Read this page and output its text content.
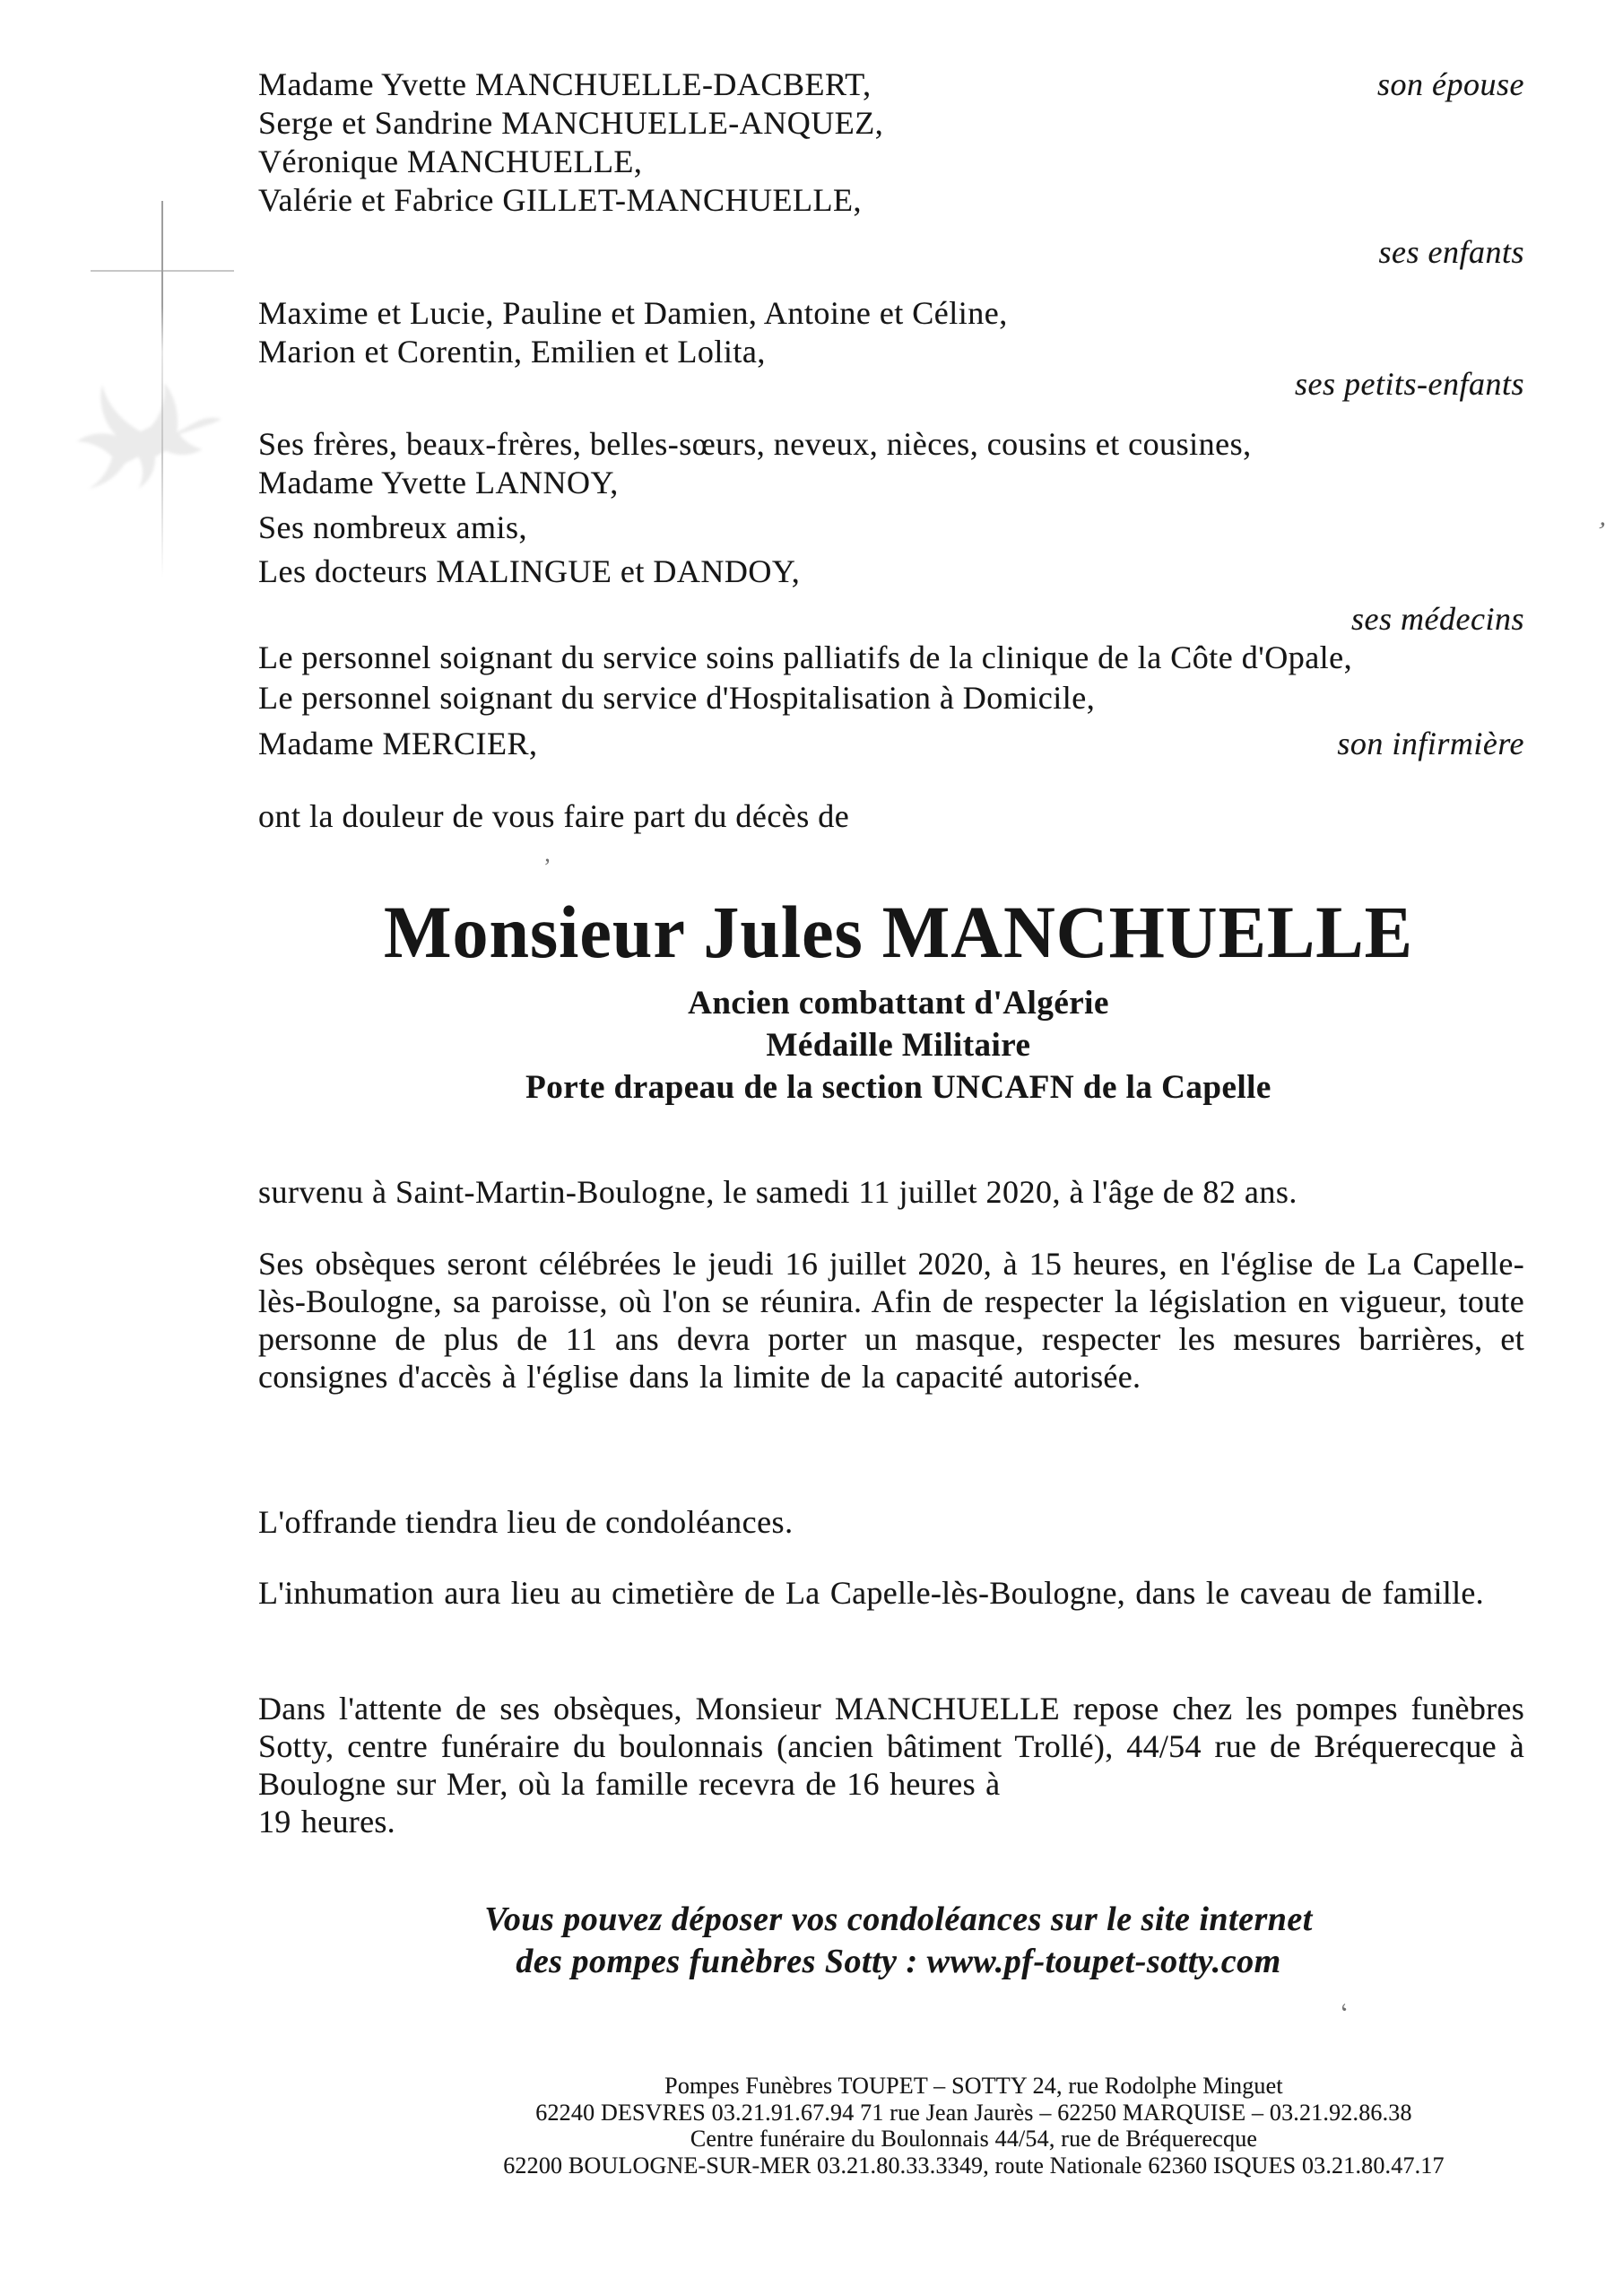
’
’
‘
Madame Yvette MANCHUELLE-DACBERT,	son épouse
Serge et Sandrine MANCHUELLE-ANQUEZ,
Véronique MANCHUELLE,
Valérie et Fabrice GILLET-MANCHUELLE,
ses enfants
Maxime et Lucie, Pauline et Damien, Antoine et Céline,
Marion et Corentin, Emilien et Lolita,
ses petits-enfants
Ses frères, beaux-frères, belles-sœurs, neveux, nièces, cousins et cousines,
Madame Yvette LANNOY,
Ses nombreux amis,
Les docteurs MALINGUE et DANDOY,
ses médecins
Le personnel soignant du service soins palliatifs de la clinique de la Côte d'Opale,
Le personnel soignant du service d'Hospitalisation à Domicile,
Madame MERCIER,	son infirmière
ont la douleur de vous faire part du décès de
Monsieur Jules MANCHUELLE
Ancien combattant d'Algérie
Médaille Militaire
Porte drapeau de la section UNCAFN de la Capelle
survenu à Saint-Martin-Boulogne, le samedi 11 juillet 2020, à l'âge de 82 ans.
Ses obsèques seront célébrées le jeudi 16 juillet 2020, à 15 heures, en l'église de La Capelle-lès-Boulogne, sa paroisse, où l'on se réunira. Afin de respecter la législation en vigueur, toute personne de plus de 11 ans devra porter un masque, respecter les mesures barrières, et consignes d'accès à l'église dans la limite de la capacité autorisée.
L'offrande tiendra lieu de condoléances.
L'inhumation aura lieu au cimetière de La Capelle-lès-Boulogne, dans le caveau de famille.
Dans l'attente de ses obsèques, Monsieur MANCHUELLE repose chez les pompes funèbres Sotty, centre funéraire du boulonnais (ancien bâtiment Trollé), 44/54 rue de Bréquerecque à Boulogne sur Mer, où la famille recevra de 16 heures à
19 heures.
Vous pouvez déposer vos condoléances sur le site internet
des pompes funèbres Sotty : www.pf-toupet-sotty.com
Pompes Funèbres TOUPET – SOTTY 24, rue Rodolphe Minguet
62240 DESVRES 03.21.91.67.94 71 rue Jean Jaurès – 62250 MARQUISE – 03.21.92.86.38
Centre funéraire du Boulonnais 44/54, rue de Bréquerecque
62200 BOULOGNE-SUR-MER 03.21.80.33.3349, route Nationale 62360 ISQUES 03.21.80.47.17
